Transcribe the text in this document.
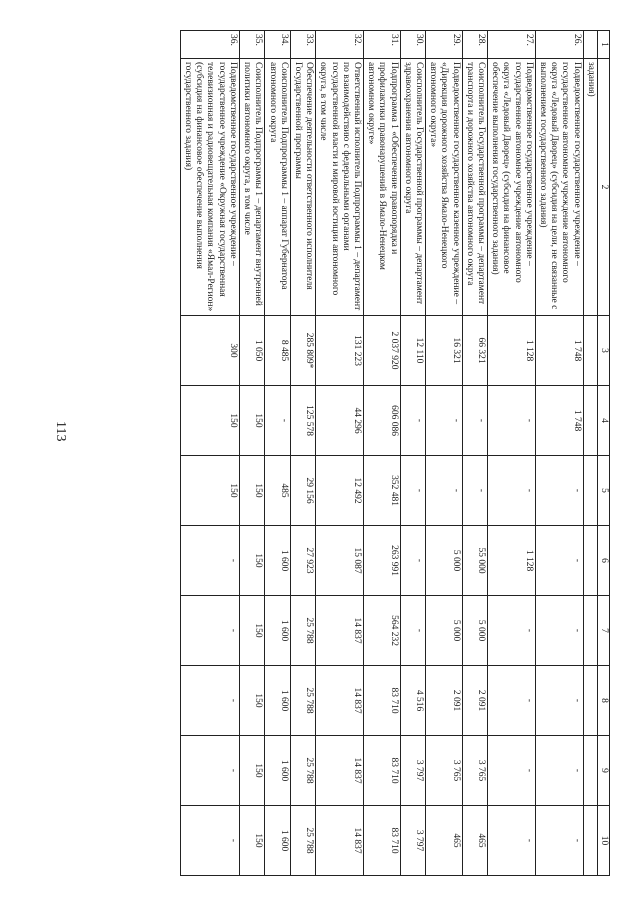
113
1	2	3	4	5	6	7	8	9	10
	задания)								
26.	Подведомственное государственное учреждение – государственное автономное учреждение автономного округа «Ледовый Дворец» (субсидия на цели, не связанные с выполнением государственного задания)	1 748	1 748	-	-	-	-	-	-
27.	Подведомственное государственное учреждение – государственное автономное учреждение автономного округа «Ледовый Дворец» (субсидия на финансовое обеспечение выполнения государственного задания)	1 128	-	-	1 128	-	-	-	-
28.	Соисполнитель Государственной программы – департамент транспорта и дорожного хозяйства автономного округа	66 321	-	-	55 000	5 000	2 091	3 765	465
29.	Подведомственное государственное казенное учреждение – «Дирекция дорожного хозяйства Ямало-Ненецкого автономного округа»	16 321	-	-	5 000	5 000	2 091	3 765	465
30.	Соисполнитель Государственной программы – департамент здравоохранения автономного округа	12 110	-	-	-	-	4 516	3 797	3 797
31.	Подпрограмма 1 «Обеспечение правопорядка и профилактики правонарушений в Ямало-Ненецком автономном округе»	2 037 920	606 086	352 481	263 991	564 232	83 710	83 710	83 710
32.	Ответственный исполнитель Подпрограммы 1 – департамент по взаимодействию с федеральными органами государственной власти и мировой юстиции автономного округа, в том числе	131 223	44 296	12 492	15 087	14 837	14 837	14 837	14 837
33.	Обеспечение деятельности ответственного исполнителя Государственной программы	285 809*	125 578	29 156	27 923	25 788	25 788	25 788	25 788
34.	Соисполнитель Подпрограммы 1 – аппарат Губернатора автономного округа	8 485	-	485	1 600	1 600	1 600	1 600	1 600
35.	Соисполнитель Подпрограммы 1 – департамент внутренней политики автономного округа, в том числе	1 050	150	150	150	150	150	150	150
36.	Подведомственное государственное учреждение – государственное учреждение «Окружная государственная телевизионная и радиовещательная компания «Ямал-Регион» (субсидия на финансовое обеспечение выполнения государственного задания)	300	150	150	-	-	-	-	-
